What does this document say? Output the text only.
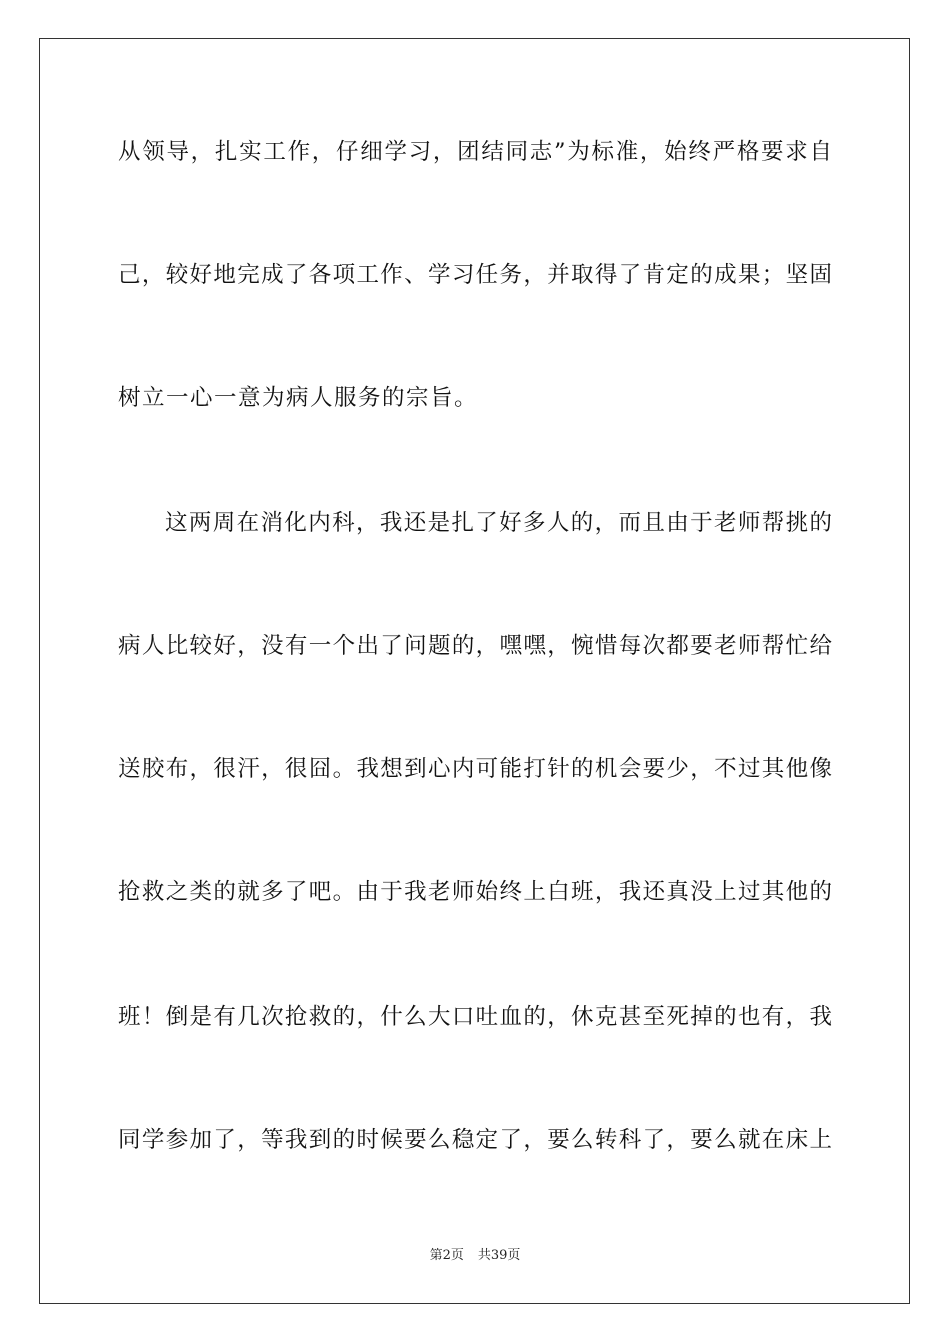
从领导，扎实工作，仔细学习，团结同志”为标准，始终严格要求自
己，较好地完成了各项工作、学习任务，并取得了肯定的成果；坚固
树立一心一意为病人服务的宗旨。
这两周在消化内科，我还是扎了好多人的，而且由于老师帮挑的
病人比较好，没有一个出了问题的，嘿嘿，惋惜每次都要老师帮忙给
送胶布，很汗，很囧。我想到心内可能打针的机会要少，不过其他像
抢救之类的就多了吧。由于我老师始终上白班，我还真没上过其他的
班！倒是有几次抢救的，什么大口吐血的，休克甚至死掉的也有，我
同学参加了，等我到的时候要么稳定了，要么转科了，要么就在床上
第2页 共39页
